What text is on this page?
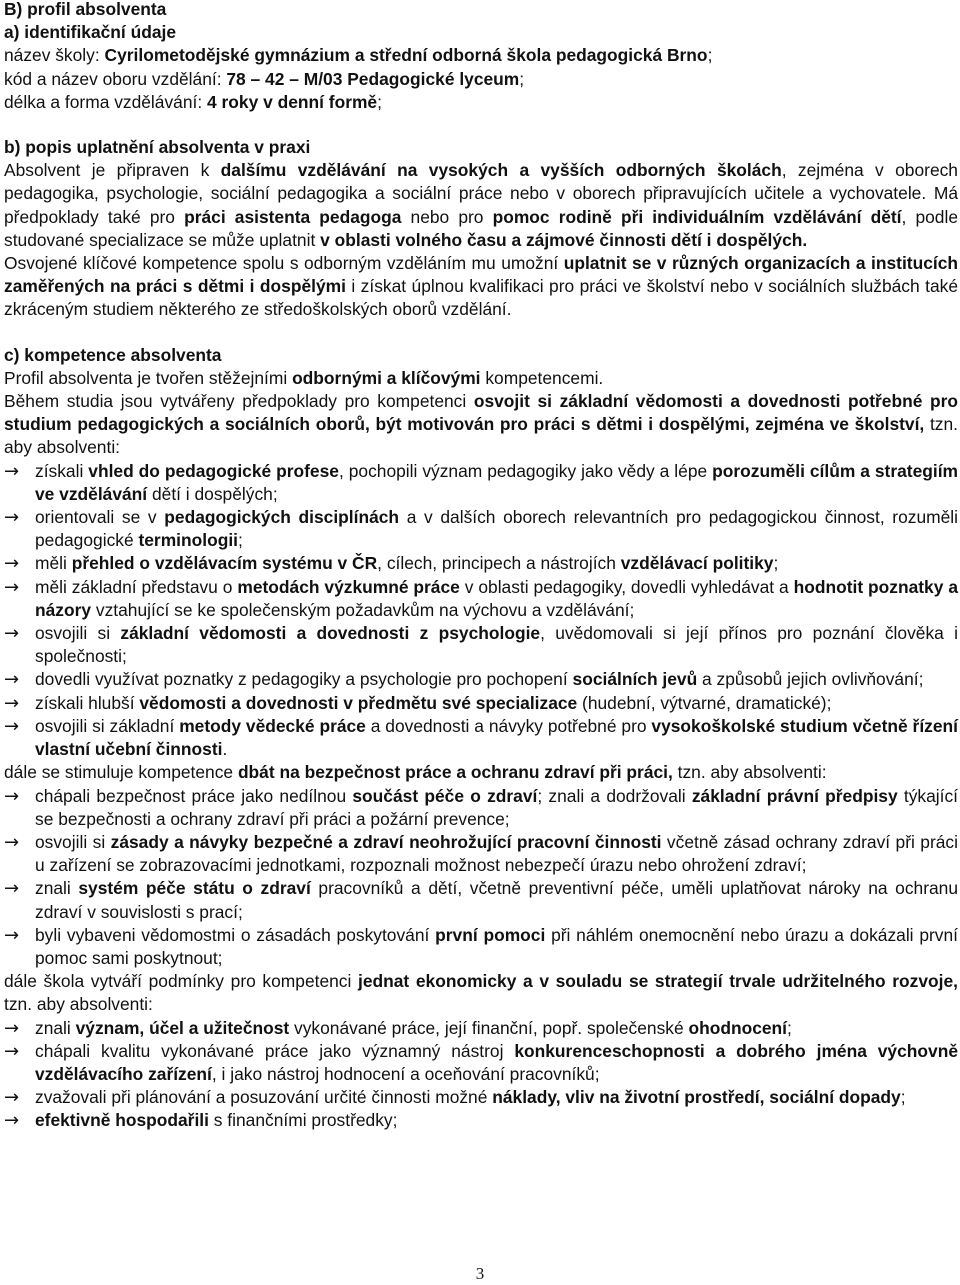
B) profil absolventa

a) identifikační údaje

název školy: Cyrilometodějské gymnázium a střední odborná škola pedagogická Brno;

kód a název oboru vzdělání: 78 – 42 – M/03 Pedagogické lyceum;

délka a forma vzdělávání: 4 roky v denní formě;

b) popis uplatnění absolventa v praxi

Absolvent je připraven k dalšímu vzdělávání na vysokých a vyšších odborných školách, zejména v oborech pedagogika, psychologie, sociální pedagogika a sociální práce nebo v oborech připravujících učitele a vychovatele. Má předpoklady také pro práci asistenta pedagoga nebo pro pomoc rodině při individuálním vzdělávání dětí, podle studované specializace se může uplatnit v oblasti volného času a zájmové činnosti dětí i dospělých.

Osvojené klíčové kompetence spolu s odborným vzděláním mu umožní uplatnit se v různých organizacích a institucích zaměřených na práci s dětmi i dospělými i získat úplnou kvalifikaci pro práci ve školství nebo v sociálních službách také zkráceným studiem některého ze středoškolských oborů vzdělání.

c) kompetence absolventa

Profil absolventa je tvořen stěžejními odbornými a klíčovými kompetencemi.

Během studia jsou vytvářeny předpoklady pro kompetenci osvojit si základní vědomosti a dovednosti potřebné pro studium pedagogických a sociálních oborů, být motivován pro práci s dětmi i dospělými, zejména ve školství, tzn. aby absolventi:

→ získali vhled do pedagogické profese, pochopili význam pedagogiky jako vědy a lépe porozuměli cílům a strategiím ve vzdělávání dětí i dospělých;
→ orientovali se v pedagogických disciplínách a v dalších oborech relevantních pro pedagogickou činnost, rozuměli pedagogické terminologii;
→ měli přehled o vzdělávacím systému v ČR, cílech, principech a nástrojích vzdělávací politiky;
→ měli základní představu o metodách výzkumné práce v oblasti pedagogiky, dovedli vyhledávat a hodnotit poznatky a názory vztahující se ke společenským požadavkům na výchovu a vzdělávání;
→ osvojili si základní vědomosti a dovednosti z psychologie, uvědomovali si její přínos pro poznání člověka i společnosti;
→ dovedli využívat poznatky z pedagogiky a psychologie pro pochopení sociálních jevů a způsobů jejich ovlivňování;
→ získali hlubší vědomosti a dovednosti v předmětu své specializace (hudební, výtvarné, dramatické);
→ osvojili si základní metody vědecké práce a dovednosti a návyky potřebné pro vysokoškolské studium včetně řízení vlastní učební činnosti.

dále se stimuluje kompetence dbát na bezpečnost práce a ochranu zdraví při práci, tzn. aby absolventi:

→ chápali bezpečnost práce jako nedílnou součást péče o zdraví; znali a dodržovali základní právní předpisy týkající se bezpečnosti a ochrany zdraví při práci a požární prevence;
→ osvojili si zásady a návyky bezpečné a zdraví neohrožující pracovní činnosti včetně zásad ochrany zdraví při práci u zařízení se zobrazovacími jednotkami, rozpoznali možnost nebezpečí úrazu nebo ohrožení zdraví;
→ znali systém péče státu o zdraví pracovníků a dětí, včetně preventivní péče, uměli uplatňovat nároky na ochranu zdraví v souvislosti s prací;
→ byli vybaveni vědomostmi o zásadách poskytování první pomoci při náhlém onemocnění nebo úrazu a dokázali první pomoc sami poskytnout;

dále škola vytváří podmínky pro kompetenci jednat ekonomicky a v souladu se strategií trvale udržitelného rozvoje, tzn. aby absolventi:

→ znali význam, účel a užitečnost vykonávané práce, její finanční, popř. společenské ohodnocení;
→ chápali kvalitu vykonávané práce jako významný nástroj konkurenceschopnosti a dobrého jména výchovně vzdělávacího zařízení, i jako nástroj hodnocení a oceňování pracovníků;
→ zvažovali při plánování a posuzování určité činnosti možné náklady, vliv na životní prostředí, sociální dopady;
→ efektivně hospodařili s finančními prostředky;
3
